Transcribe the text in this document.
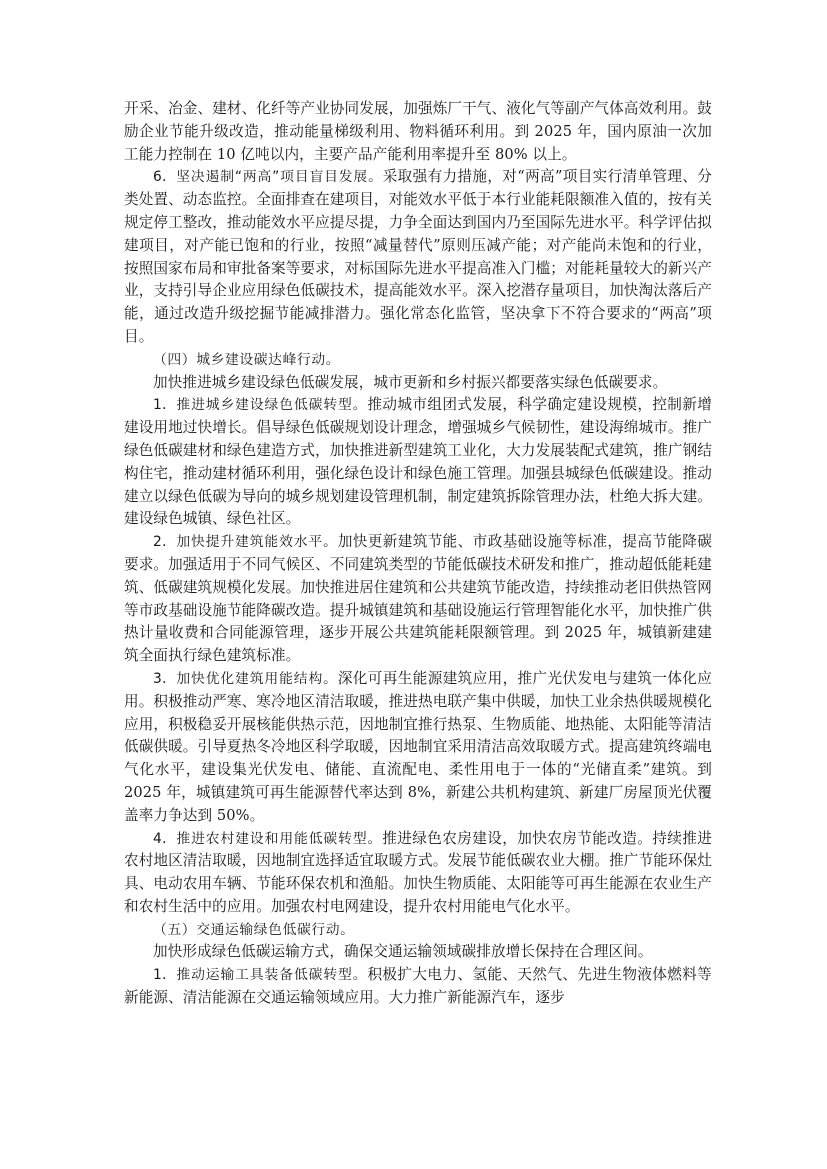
开采、冶金、建材、化纤等产业协同发展，加强炼厂干气、液化气等副产气体高效利用。鼓励企业节能升级改造，推动能量梯级利用、物料循环利用。到 2025 年，国内原油一次加工能力控制在 10 亿吨以内，主要产品产能利用率提升至 80% 以上。

6．坚决遏制“两高”项目盲目发展。采取强有力措施，对“两高”项目实行清单管理、分类处置、动态监控。全面排查在建项目，对能效水平低于本行业能耗限额准入值的，按有关规定停工整改，推动能效水平应提尽提，力争全面达到国内乃至国际先进水平。科学评估拟建项目，对产能已饱和的行业，按照“减量替代”原则压减产能；对产能尚未饱和的行业，按照国家布局和审批备案等要求，对标国际先进水平提高准入门槛；对能耗量较大的新兴产业，支持引导企业应用绿色低碳技术，提高能效水平。深入挖潜存量项目，加快淘汰落后产能，通过改造升级挖掘节能减排潜力。强化常态化监管，坚决拿下不符合要求的“两高”项目。

（四）城乡建设碳达峰行动。

加快推进城乡建设绿色低碳发展，城市更新和乡村振兴都要落实绿色低碳要求。

1．推进城乡建设绿色低碳转型。推动城市组团式发展，科学确定建设规模，控制新增建设用地过快增长。倡导绿色低碳规划设计理念，增强城乡气候韧性，建设海绵城市。推广绿色低碳建材和绿色建造方式，加快推进新型建筑工业化，大力发展装配式建筑，推广钢结构住宅，推动建材循环利用，强化绿色设计和绿色施工管理。加强县城绿色低碳建设。推动建立以绿色低碳为导向的城乡规划建设管理机制，制定建筑拆除管理办法，杜绝大拆大建。建设绿色城镇、绿色社区。

2．加快提升建筑能效水平。加快更新建筑节能、市政基础设施等标准，提高节能降碳要求。加强适用于不同气候区、不同建筑类型的节能低碳技术研发和推广，推动超低能耗建筑、低碳建筑规模化发展。加快推进居住建筑和公共建筑节能改造，持续推动老旧供热管网等市政基础设施节能降碳改造。提升城镇建筑和基础设施运行管理智能化水平，加快推广供热计量收费和合同能源管理，逐步开展公共建筑能耗限额管理。到 2025 年，城镇新建建筑全面执行绿色建筑标准。

3．加快优化建筑用能结构。深化可再生能源建筑应用，推广光伏发电与建筑一体化应用。积极推动严寒、寒冷地区清洁取暖，推进热电联产集中供暖，加快工业余热供暖规模化应用，积极稳妥开展核能供热示范，因地制宜推行热泵、生物质能、地热能、太阳能等清洁低碳供暖。引导夏热冬冷地区科学取暖，因地制宜采用清洁高效取暖方式。提高建筑终端电气化水平，建设集光伏发电、储能、直流配电、柔性用电于一体的“光储直柔”建筑。到 2025 年，城镇建筑可再生能源替代率达到 8%，新建公共机构建筑、新建厂房屋顶光伏覆盖率力争达到 50%。

4．推进农村建设和用能低碳转型。推进绿色农房建设，加快农房节能改造。持续推进农村地区清洁取暖，因地制宜选择适宜取暖方式。发展节能低碳农业大棚。推广节能环保灶具、电动农用车辆、节能环保农机和渔船。加快生物质能、太阳能等可再生能源在农业生产和农村生活中的应用。加强农村电网建设，提升农村用能电气化水平。

（五）交通运输绿色低碳行动。

加快形成绿色低碳运输方式，确保交通运输领域碳排放增长保持在合理区间。

1．推动运输工具装备低碳转型。积极扩大电力、氢能、天然气、先进生物液体燃料等新能源、清洁能源在交通运输领域应用。大力推广新能源汽车，逐步
